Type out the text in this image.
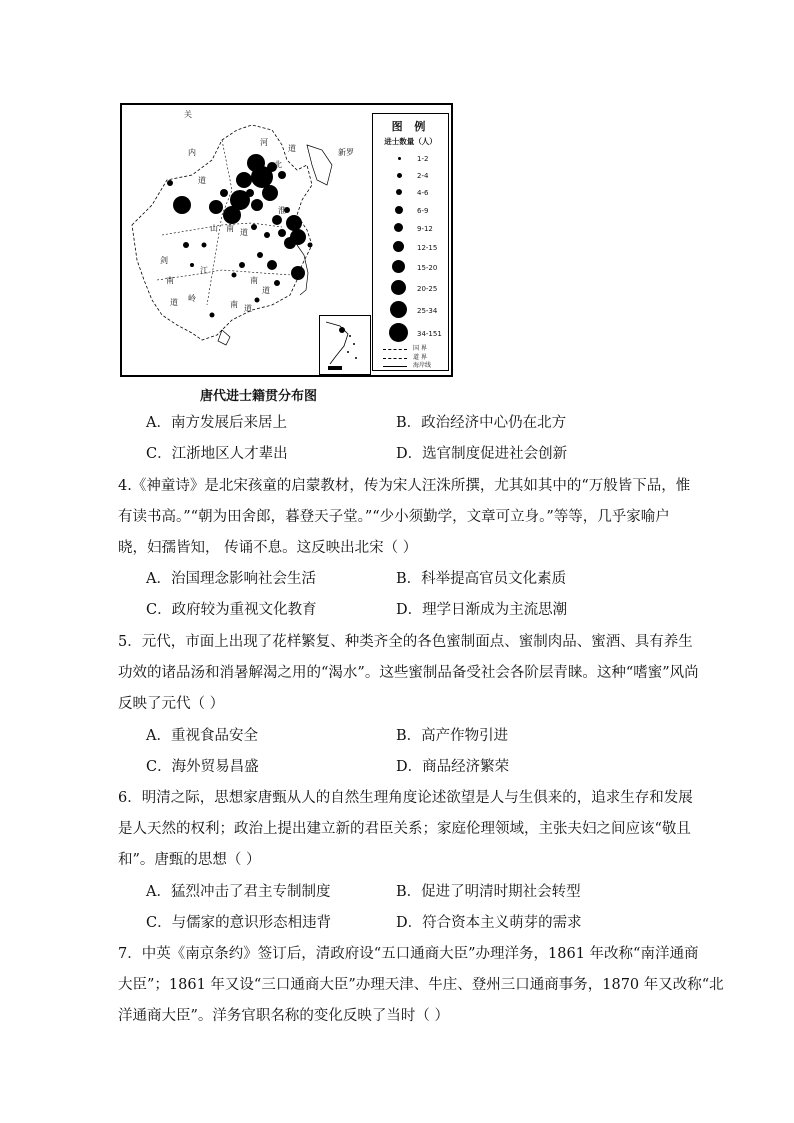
关
内
道
河
北
道	新罗
山 南 道
剑
南
道
江
南
道
岭
南 道
淮
图 例
进士数量（人）
1-2
2-4
4-6
6-9
9-12
12-15
15-20
20-25
25-34
34-151
国 界
道 界
海岸线
唐代进士籍贯分布图
A．南方发展后来居上	B．政治经济中心仍在北方
C．江浙地区人才辈出	D．选官制度促进社会创新
4.《神童诗》是北宋孩童的启蒙教材，传为宋人汪洙所撰，尤其如其中的“万般皆下品，惟
有读书高。”“朝为田舍郎，暮登天子堂。”“少小须勤学，文章可立身。”等等，几乎家喻户
晓，妇孺皆知， 传诵不息。这反映出北宋（ ）
A．治国理念影响社会生活	B．科举提高官员文化素质
C．政府较为重视文化教育	D．理学日渐成为主流思潮
5．元代，市面上出现了花样繁复、种类齐全的各色蜜制面点、蜜制肉品、蜜酒、具有养生
功效的诸品汤和消暑解渴之用的“渴水”。这些蜜制品备受社会各阶层青睐。这种“嗜蜜”风尚
反映了元代（ ）
A．重视食品安全	B．高产作物引进
C．海外贸易昌盛	D．商品经济繁荣
6．明清之际，思想家唐甄从人的自然生理角度论述欲望是人与生俱来的，追求生存和发展
是人天然的权利；政治上提出建立新的君臣关系；家庭伦理领域，主张夫妇之间应该“敬且
和”。唐甄的思想（ ）
A．猛烈冲击了君主专制制度	B．促进了明清时期社会转型
C．与儒家的意识形态相违背	D．符合资本主义萌芽的需求
7．中英《南京条约》签订后，清政府设“五口通商大臣”办理洋务，1861 年改称“南洋通商
大臣”；1861 年又设“三口通商大臣”办理天津、牛庄、登州三口通商事务，1870 年又改称“北
洋通商大臣”。洋务官职名称的变化反映了当时（ ）
